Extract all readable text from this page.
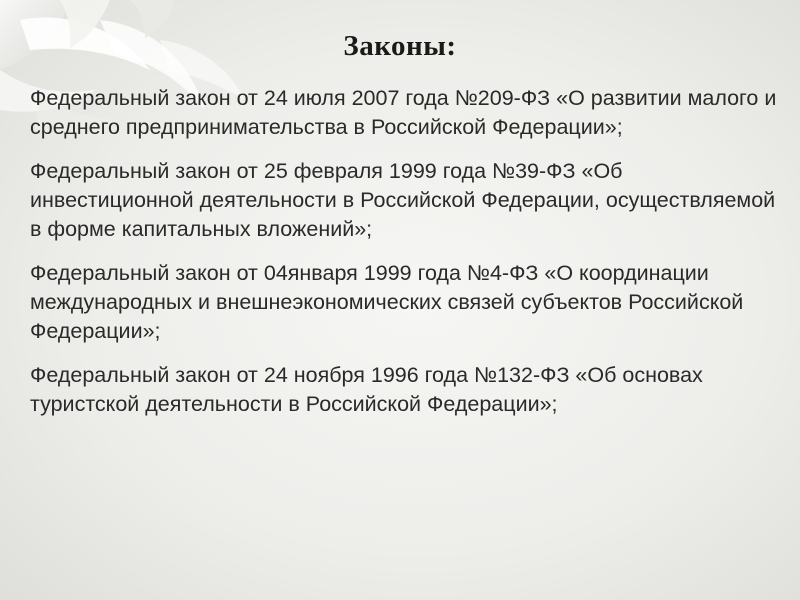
Законы:
Федеральный закон от 24 июля 2007 года №209-ФЗ «О развитии малого и среднего предпринимательства в Российской Федерации»;
Федеральный закон от 25 февраля 1999 года №39-ФЗ «Об инвестиционной деятельности в Российской Федерации, осуществляемой в форме капитальных вложений»;
Федеральный закон от 04января 1999 года №4-ФЗ «О координации международных и внешнеэкономических связей субъектов Российской Федерации»;
Федеральный закон от 24 ноября 1996 года №132-ФЗ «Об основах туристской деятельности в Российской Федерации»;
